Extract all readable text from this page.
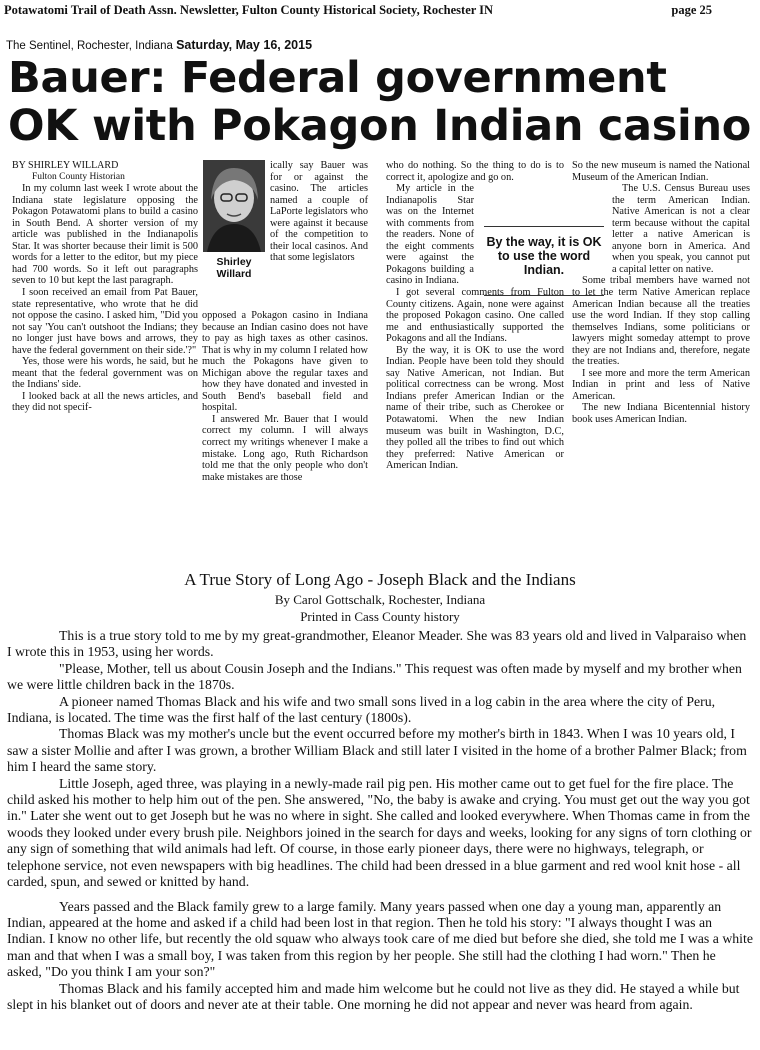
Potawatomi Trail of Death Assn. Newsletter, Fulton County Historical Society, Rochester IN	page 25
The Sentinel, Rochester, Indiana Saturday, May 16, 2015
Bauer: Federal government
OK with Pokagon Indian casino
BY SHIRLEY WILLARD
Fulton County Historian

In my column last week I wrote about the Indiana state legislature opposing the Pokagon Potawatomi plans to build a casino in South Bend. A shorter version of my article was published in the Indianapolis Star. It was shorter because their limit is 500 words for a letter to the editor, but my piece had 700 words. So it left out paragraphs seven to 10 but kept the last paragraph.

I soon received an email from Pat Bauer, state representative, who wrote that he did not oppose the casino. I asked him, "Did you not say 'You can't outshoot the Indians; they no longer just have bows and arrows, they have the federal government on their side.'?"

Yes, those were his words, he said, but he meant that the federal government was on the Indians' side.

I looked back at all the news articles, and they did not specif-

Shirley Willard

ically say Bauer was for or against the casino. The articles named a couple of LaPorte legislators who were against it because of the competition to their local casinos. And that some legislators

opposed a Pokagon casino in Indiana because an Indian casino does not have to pay as high taxes as other casinos. That is why in my column I related how much the Pokagons have given to Michigan above the regular taxes and how they have donated and invested in South Bend's baseball field and hospital.

I answered Mr. Bauer that I would correct my column. I will always correct my writings whenever I make a mistake. Long ago, Ruth Richardson told me that the only people who don't make mistakes are those

who do nothing. So the thing to do is to correct it, apologize and go on.

My article in the Indianapolis Star was on the Internet with comments from the readers. None of the eight comments were against the Pokagons building a casino in Indiana.

I got several comments from Fulton County citizens. Again, none were against the proposed Pokagon casino. One called me and enthusiastically supported the Pokagons and all the Indians.

By the way, it is OK to use the word Indian. People have been told they should say Native American, not Indian. But political correctness can be wrong. Most Indians prefer American Indian or the name of their tribe, such as Cherokee or Potawatomi. When the new Indian museum was built in Washington, D.C, they polled all the tribes to find out which they preferred: Native American or American Indian.

By the way, it is OK to use the word Indian.

So the new museum is named the National Museum of the American Indian.

The U.S. Census Bureau uses the term American Indian. Native American is not a clear term because without the capital letter a native American is anyone born in America. And when you speak, you cannot put a capital letter on native.

Some tribal members have warned not to let the term Native American replace American Indian because all the treaties use the word Indian. If they stop calling themselves Indians, some politicians or lawyers might someday attempt to prove they are not Indians and, therefore, negate the treaties.

I see more and more the term American Indian in print and less of Native American.

The new Indiana Bicentennial history book uses American Indian.

A True Story of Long Ago - Joseph Black and the Indians
By Carol Gottschalk, Rochester, Indiana
Printed in Cass County history

This is a true story told to me by my great-grandmother, Eleanor Meader. She was 83 years old and lived in Valparaiso when I wrote this in 1953, using her words.

"Please, Mother, tell us about Cousin Joseph and the Indians." This request was often made by myself and my brother when we were little children back in the 1870s.

A pioneer named Thomas Black and his wife and two small sons lived in a log cabin in the area where the city of Peru, Indiana, is located. The time was the first half of the last century (1800s).

Thomas Black was my mother's uncle but the event occurred before my mother's birth in 1843. When I was 10 years old, I saw a sister Mollie and after I was grown, a brother William Black and still later I visited in the home of a brother Palmer Black; from him I heard the same story.

Little Joseph, aged three, was playing in a newly-made rail pig pen. His mother came out to get fuel for the fire place. The child asked his mother to help him out of the pen. She answered, "No, the baby is awake and crying. You must get out the way you got in." Later she went out to get Joseph but he was no where in sight. She called and looked everywhere. When Thomas came in from the woods they looked under every brush pile. Neighbors joined in the search for days and weeks, looking for any signs of torn clothing or any sign of something that wild animals had left. Of course, in those early pioneer days, there were no highways, telegraph, or telephone service, not even newspapers with big headlines. The child had been dressed in a blue garment and red wool knit hose - all carded, spun, and sewed or knitted by hand.

Years passed and the Black family grew to a large family. Many years passed when one day a young man, apparently an Indian, appeared at the home and asked if a child had been lost in that region. Then he told his story: "I always thought I was an Indian. I know no other life, but recently the old squaw who always took care of me died but before she died, she told me I was a white man and that when I was a small boy, I was taken from this region by her people. She still had the clothing I had worn." Then he asked, "Do you think I am your son?"

Thomas Black and his family accepted him and made him welcome but he could not live as they did. He stayed a while but slept in his blanket out of doors and never ate at their table. One morning he did not appear and never was heard from again.
